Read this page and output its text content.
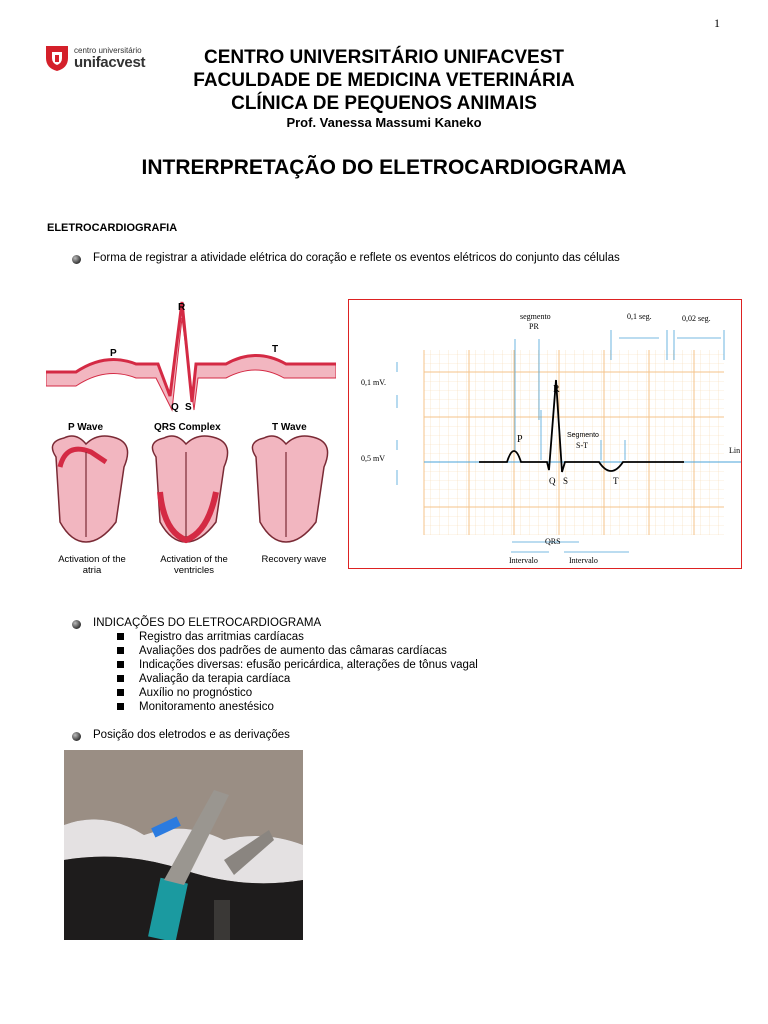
1
centro universitário
unifacvest	CENTRO UNIVERSITÁRIO UNIFACVEST
FACULDADE DE MEDICINA VETERINÁRIA
CLÍNICA DE PEQUENOS ANIMAIS
Prof. Vanessa Massumi Kaneko
INTRERPRETAÇÃO DO ELETROCARDIOGRAMA
ELETROCARDIOGRAFIA
Forma de registrar a atividade elétrica do coração e reflete os eventos elétricos do conjunto das células
P
R
T
Q S
P Wave	QRS Complex	T Wave
Activation of the
atria
Activation of the
ventricles
Recovery wave
segmento
PR
0,1 seg.	0,02 seg.
0,1 mV.
0,5 mV
R
P
Q S	T
Segmento
S-T
Lin
QRS
Intervalo	Intervalo
INDICAÇÕES DO ELETROCARDIOGRAMA
Registro das arritmias cardíacas
Avaliações dos padrões de aumento das câmaras cardíacas
Indicações diversas: efusão pericárdica, alterações de tônus vagal
Avaliação da terapia cardíaca
Auxílio no prognóstico
Monitoramento anestésico
Posição dos eletrodos e as derivações
